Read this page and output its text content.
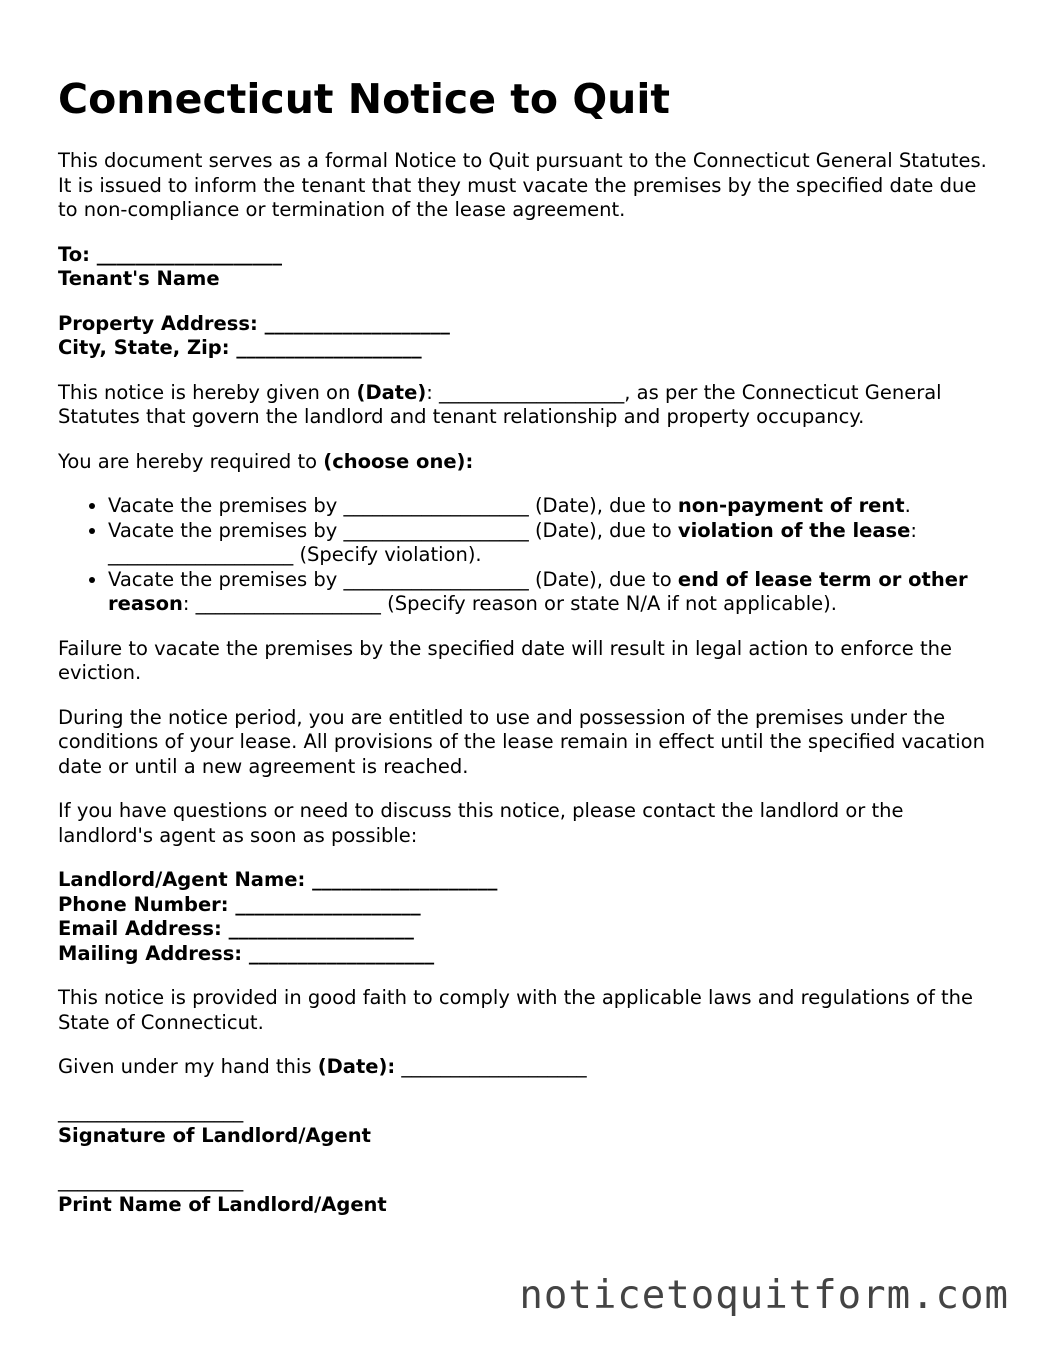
Connecticut Notice to Quit

This document serves as a formal Notice to Quit pursuant to the Connecticut General Statutes. It is issued to inform the tenant that they must vacate the premises by the specified date due to non-compliance or termination of the lease agreement.

To: ___________________
Tenant's Name
Property Address: ___________________
City, State, Zip: ___________________

This notice is hereby given on (Date): ___________________, as per the Connecticut General Statutes that govern the landlord and tenant relationship and property occupancy.

You are hereby required to (choose one):

• Vacate the premises by ___________________ (Date), due to non-payment of rent.
• Vacate the premises by ___________________ (Date), due to violation of the lease: ___________________ (Specify violation).
• Vacate the premises by ___________________ (Date), due to end of lease term or other reason: ___________________ (Specify reason or state N/A if not applicable).

Failure to vacate the premises by the specified date will result in legal action to enforce the eviction.

During the notice period, you are entitled to use and possession of the premises under the conditions of your lease. All provisions of the lease remain in effect until the specified vacation date or until a new agreement is reached.

If you have questions or need to discuss this notice, please contact the landlord or the landlord's agent as soon as possible:

Landlord/Agent Name: ___________________
Phone Number: ___________________
Email Address: ___________________
Mailing Address: ___________________

This notice is provided in good faith to comply with the applicable laws and regulations of the State of Connecticut.

Given under my hand this (Date): ___________________

___________________
Signature of Landlord/Agent
___________________
Print Name of Landlord/Agent
noticetoquitform.com
